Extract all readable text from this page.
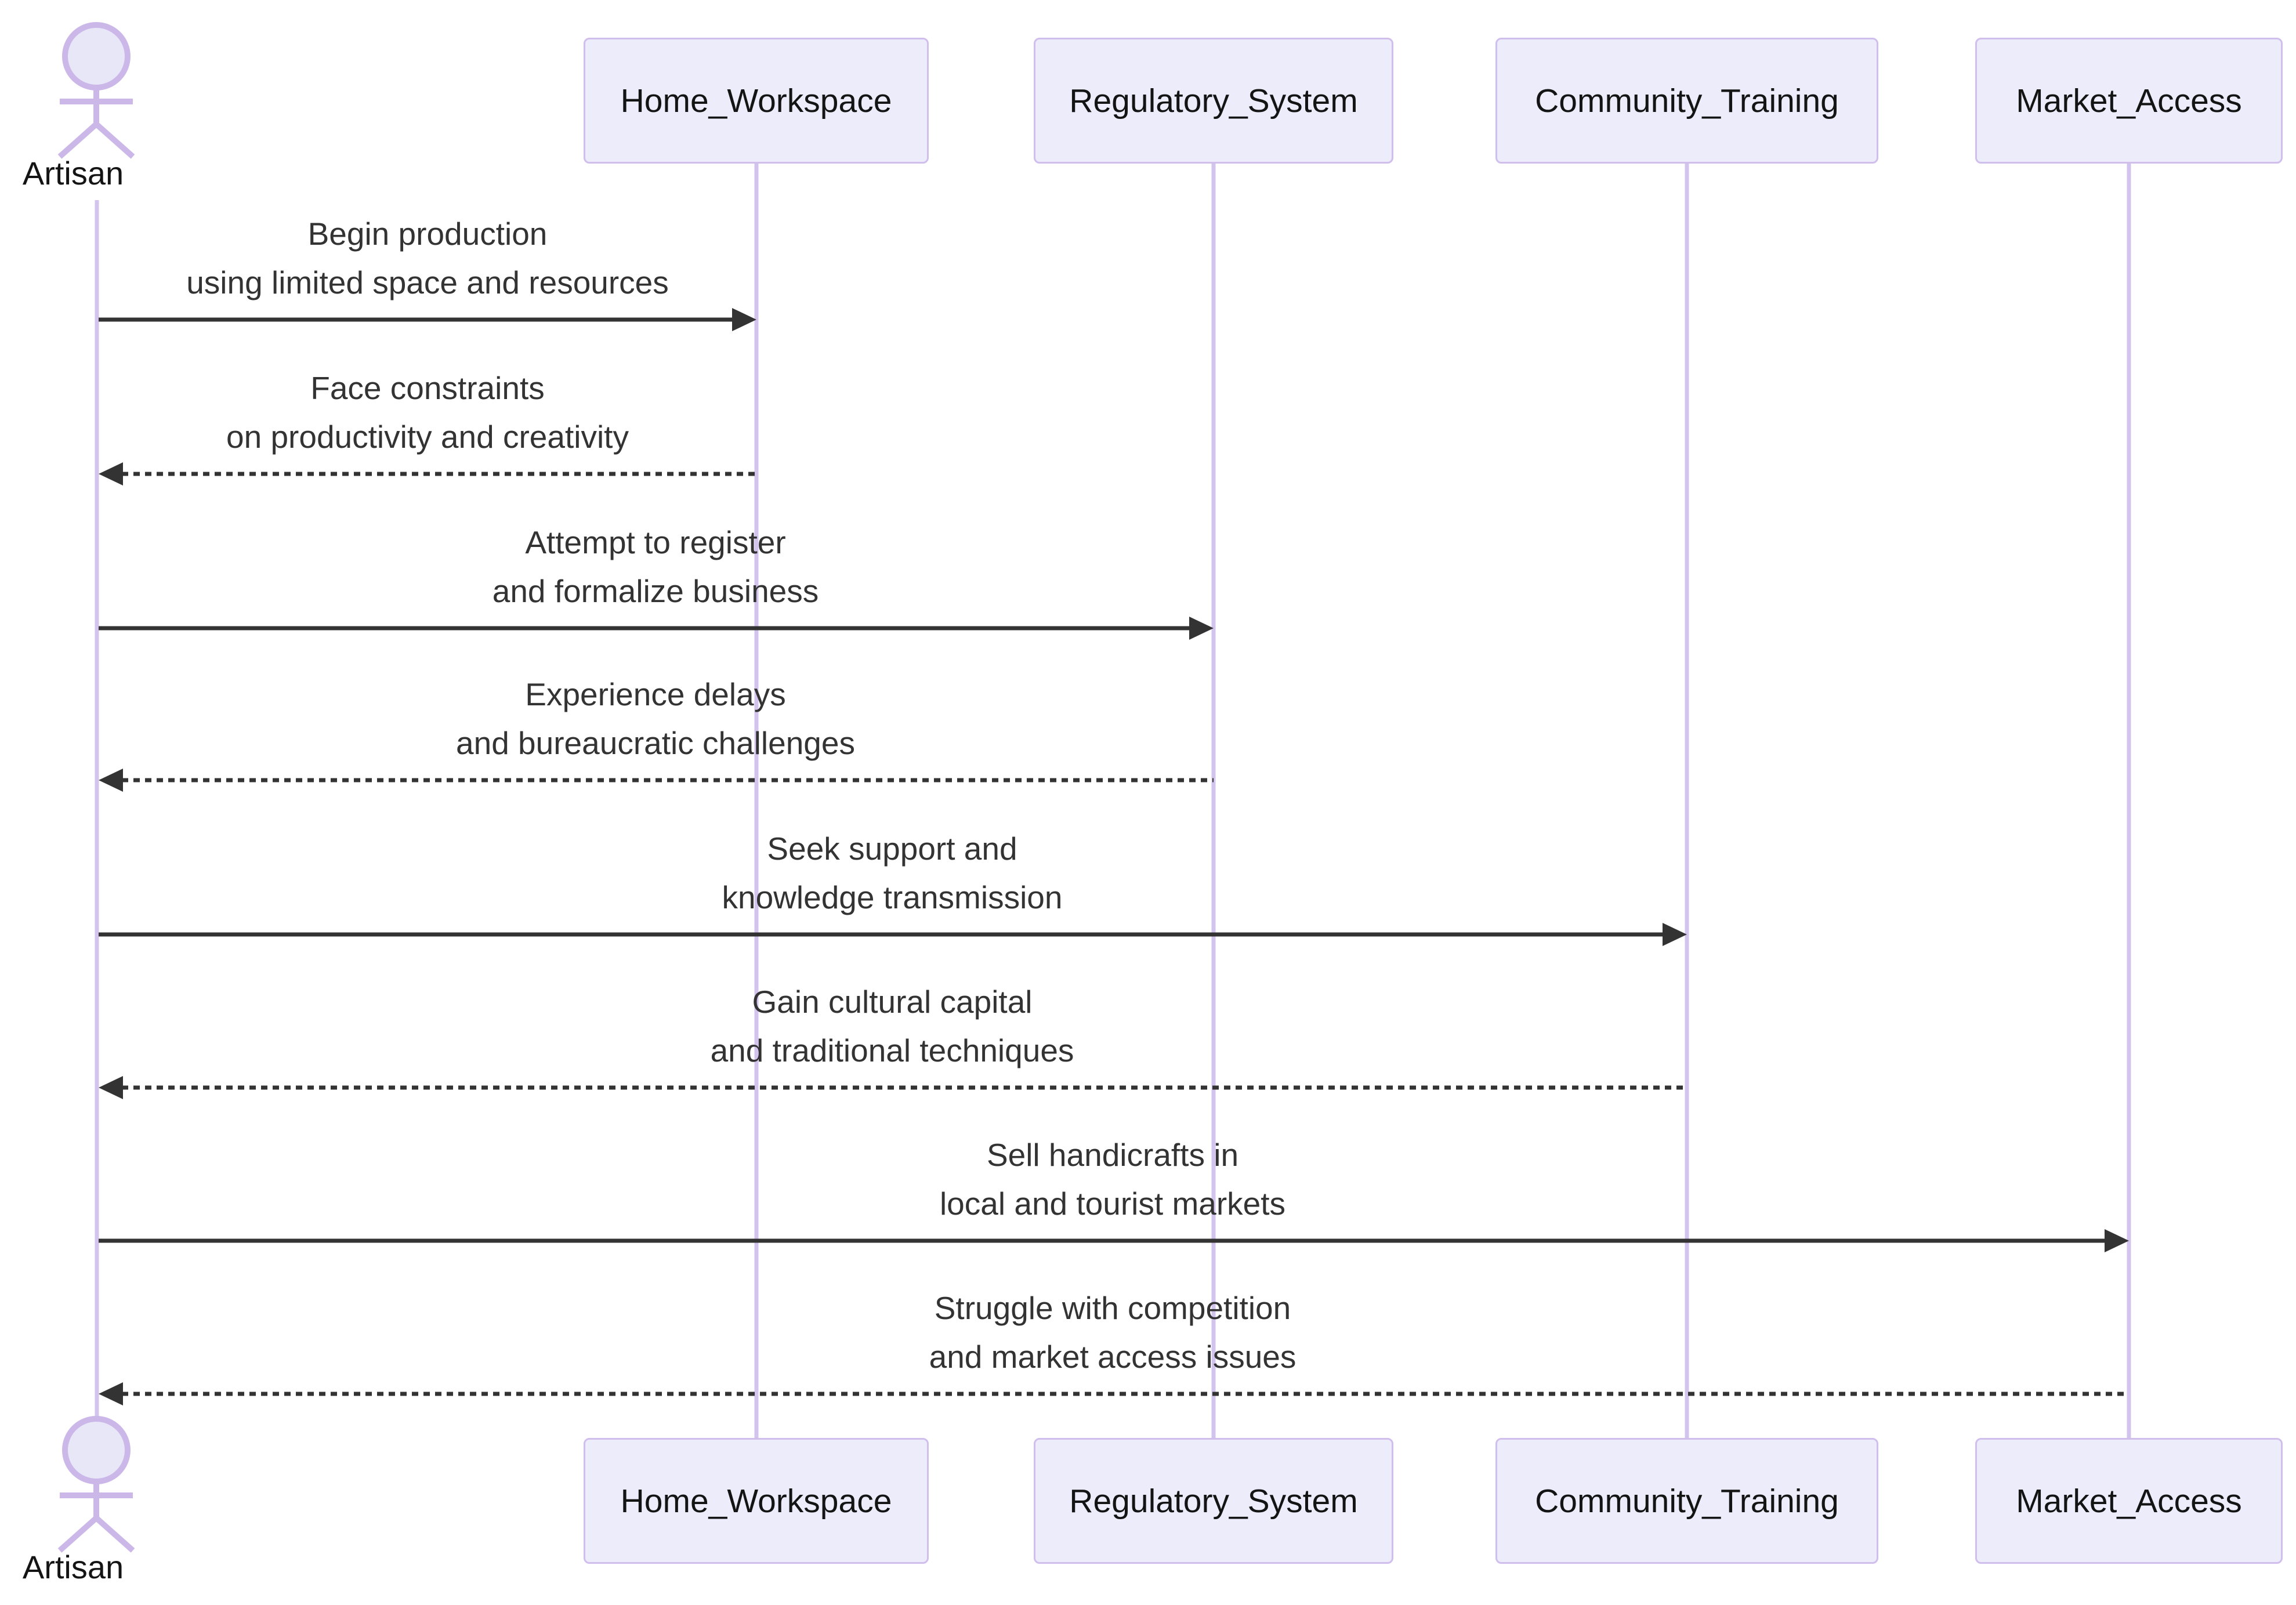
Artisan
Artisan
Home_Workspace	Regulatory_System	Community_Training	Market_Access
Home_Workspace	Regulatory_System	Community_Training	Market_Access
Begin production
using limited space and resources
Face constraints
on productivity and creativity
Attempt to register
and formalize business
Experience delays
and bureaucratic challenges
Seek support and
knowledge transmission
Gain cultural capital
and traditional techniques
Sell handicrafts in
local and tourist markets
Struggle with competition
and market access issues
